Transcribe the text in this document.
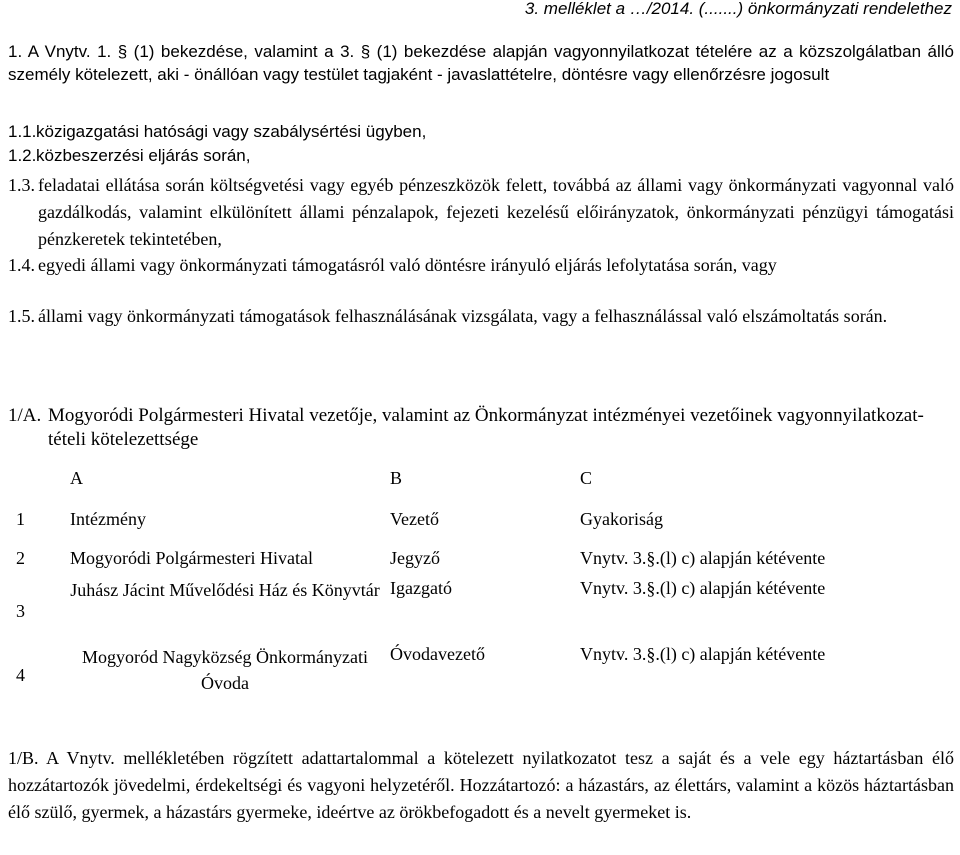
3. melléklet a …/2014. (.......) önkormányzati rendelethez

1. A Vnytv. 1. § (1) bekezdése, valamint a 3. § (1) bekezdése alapján vagyonnyilatkozat tételére az a közszolgálatban álló személy kötelezett, aki - önállóan vagy testület tagjaként - javaslattételre, döntésre vagy ellenőrzésre jogosult

1.1. közigazgatási hatósági vagy szabálysértési ügyben,
1.2. közbeszerzési eljárás során,
1.3. feladatai ellátása során költségvetési vagy egyéb pénzeszközök felett, továbbá az állami vagy önkormányzati vagyonnal való gazdálkodás, valamint elkülönített állami pénzalapok, fejezeti kezelésű előirányzatok, önkormányzati pénzügyi támogatási pénzkeretek tekintetében,
1.4. egyedi állami vagy önkormányzati támogatásról való döntésre irányuló eljárás lefolytatása során, vagy
1.5. állami vagy önkormányzati támogatások felhasználásának vizsgálata, vagy a felhasználással való elszámoltatás során.
1/A. Mogyoródi Polgármesteri Hivatal vezetője, valamint az Önkormányzat intézményei vezetőinek vagyonnyilatkozat-tételi kötelezettsége
	A	B	C
1	Intézmény	Vezető	Gyakoriság
2	Mogyoródi Polgármesteri Hivatal	Jegyző	Vnytv. 3.§.(l) c) alapján kétévente
3	Juhász Jácint Művelődési Ház és Könyvtár	Igazgató	Vnytv. 3.§.(l) c) alapján kétévente
4	Mogyoród Nagyközség Önkormányzati Óvoda	Óvodavezető	Vnytv. 3.§.(l) c) alapján kétévente

1/B. A Vnytv. mellékletében rögzített adattartalommal a kötelezett nyilatkozatot tesz a saját és a vele egy háztartásban élő hozzátartozók jövedelmi, érdekeltségi és vagyoni helyzetéről. Hozzátartozó: a házastárs, az élettárs, valamint a közös háztartásban élő szülő, gyermek, a házastárs gyermeke, ideértve az örökbefogadott és a nevelt gyermeket is.
